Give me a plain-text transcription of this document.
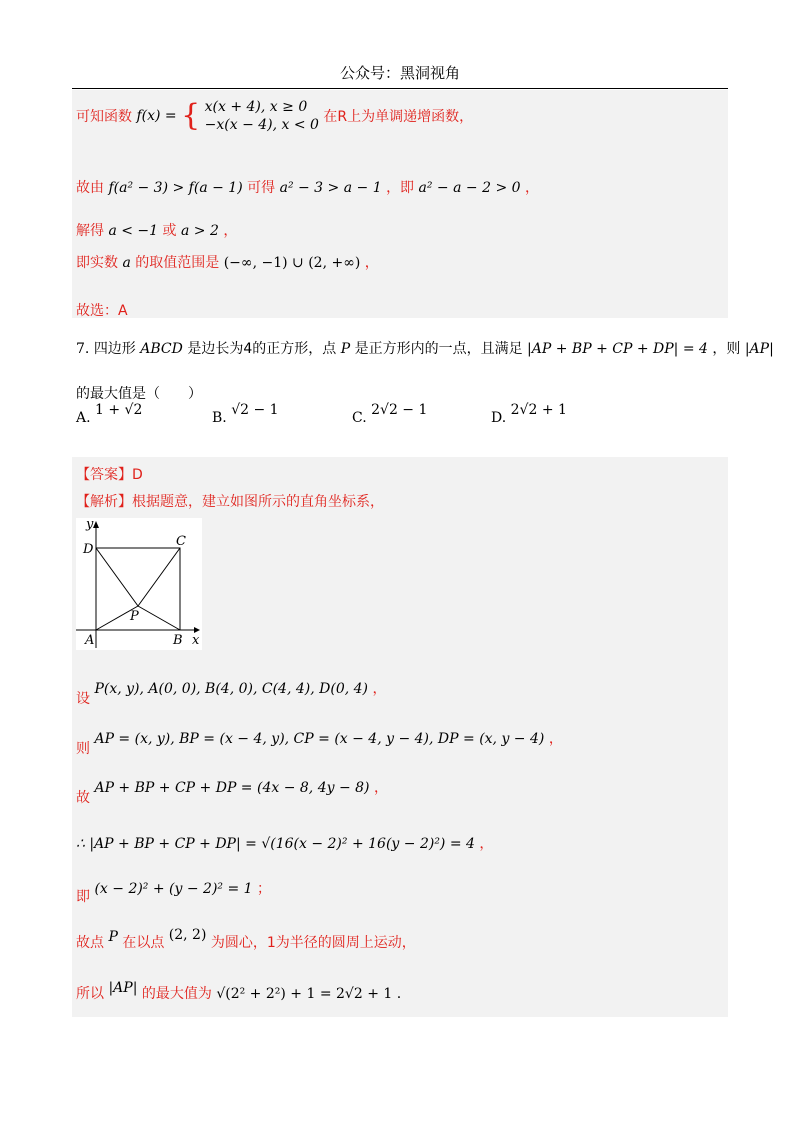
公众号：黑洞视角
可知函数 f(x) = { x(x + 4), x ≥ 0
−x(x − 4), x < 0 在R上为单调递增函数，
故由 f(a² − 3) > f(a − 1) 可得 a² − 3 > a − 1 ，即 a² − a − 2 > 0 ，
解得 a < −1 或 a > 2 ，
即实数 a 的取值范围是 (−∞, −1) ∪ (2, +∞) ，
故选：A
7. 四边形 ABCD 是边长为4的正方形，点 P 是正方形内的一点，且满足 |AP + BP + CP + DP| = 4 ，则 |AP|
的最大值是（　　）
A. 1 + √2	B. √2 − 1	C. 2√2 − 1	D. 2√2 + 1
【答案】D
【解析】根据题意，建立如图所示的直角坐标系，
y
x
A	B
C
D
P
设 P(x, y), A(0, 0), B(4, 0), C(4, 4), D(0, 4) ，
则 AP = (x, y), BP = (x − 4, y), CP = (x − 4, y − 4), DP = (x, y − 4) ，
故 AP + BP + CP + DP = (4x − 8, 4y − 8) ，
∴ |AP + BP + CP + DP| = √(16(x − 2)² + 16(y − 2)²) = 4 ，
即 (x − 2)² + (y − 2)² = 1 ；
故点 P 在以点 (2, 2) 为圆心，1为半径的圆周上运动，
所以 |AP| 的最大值为 √(2² + 2²) + 1 = 2√2 + 1 .
